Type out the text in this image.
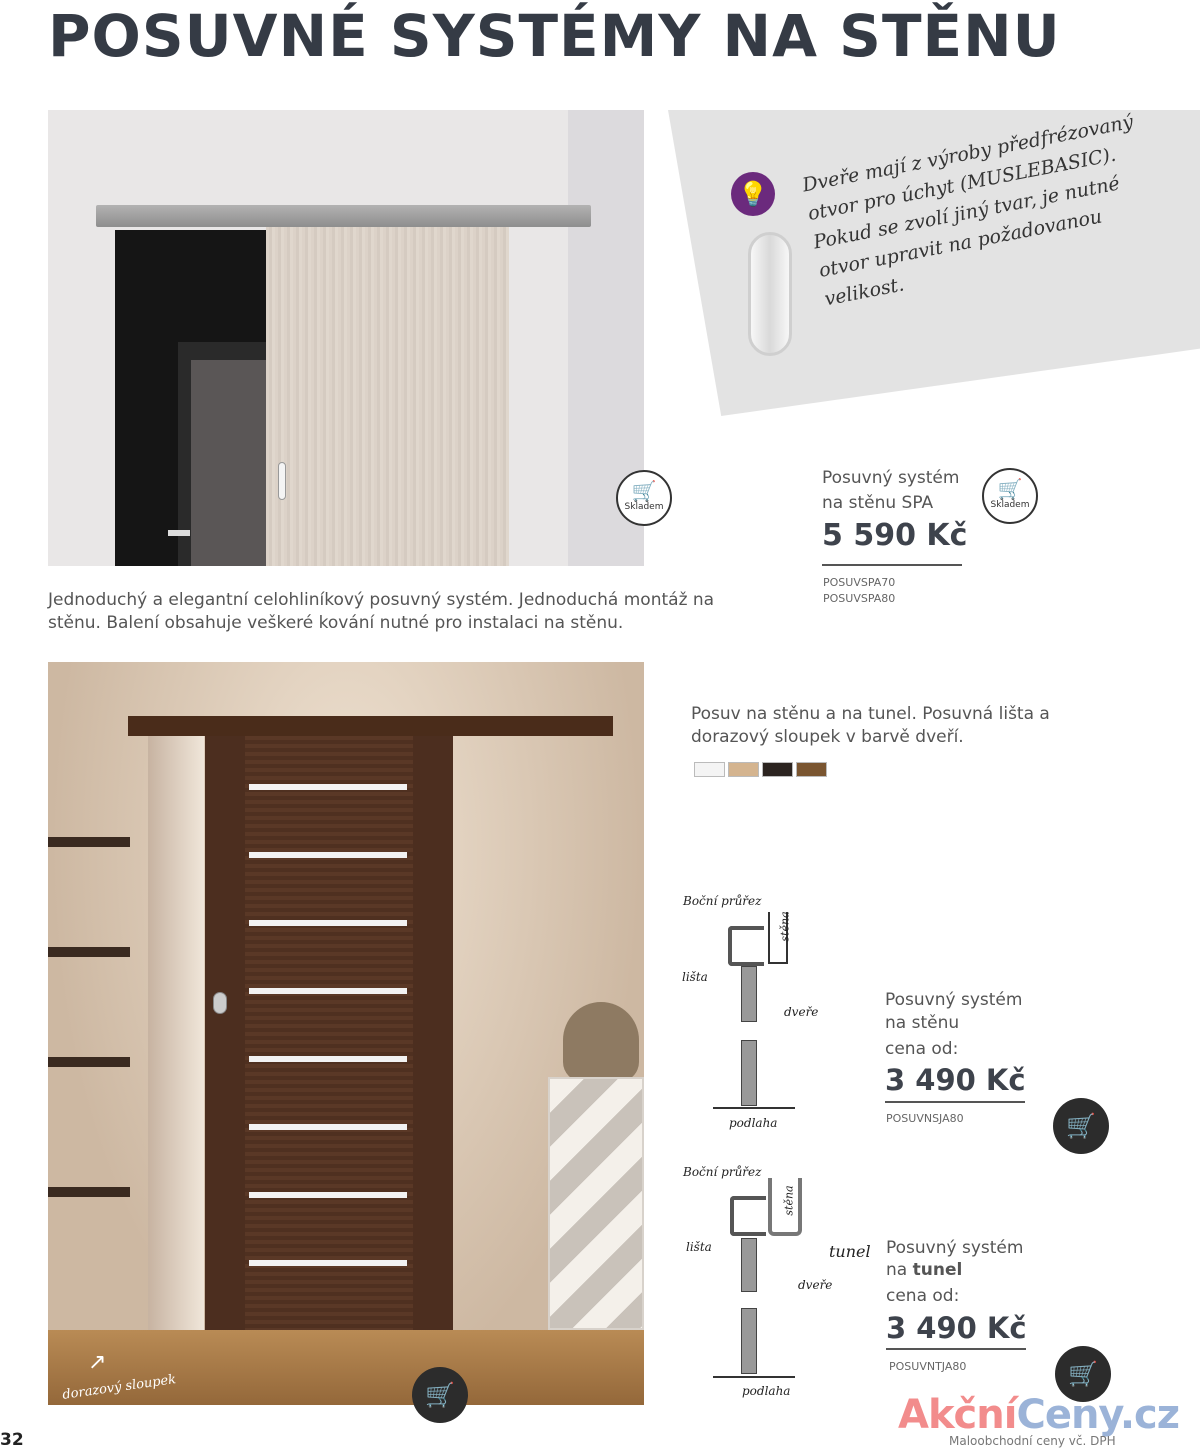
POSUVNÉ SYSTÉMY NA STĚNU
🛒
Skladem
💡	Dveře mají z výroby předfrézovaný otvor pro úchyt (MUSLEBASIC). Pokud se zvolí jiný tvar, je nutné otvor upravit na požadovanou velikost.
Posuvný systém
na stěnu SPA
🛒
Skladem
5 590 Kč
POSUVSPA70
POSUVSPA80
Jednoduchý a elegantní celohliníkový posuvný systém. Jednoduchá montáž na stěnu. Balení obsahuje veškeré kování nutné pro instalaci na stěnu.
↗
dorazový sloupek	🛒
Posuv na stěnu a na tunel. Posuvná lišta a dorazový sloupek v barvě dveří.
Boční průřez
stěna
lišta
dveře
podlaha
Posuvný systém
na stěnu
cena od:
3 490 Kč
POSUVNSJA80	🛒
Boční průřez
stěna
lišta	tunel
dveře
podlaha
Posuvný systém
na tunel
cena od:
3 490 Kč
POSUVNTJA80	🛒
32
AkčníCeny.cz
Maloobchodní ceny vč. DPH
